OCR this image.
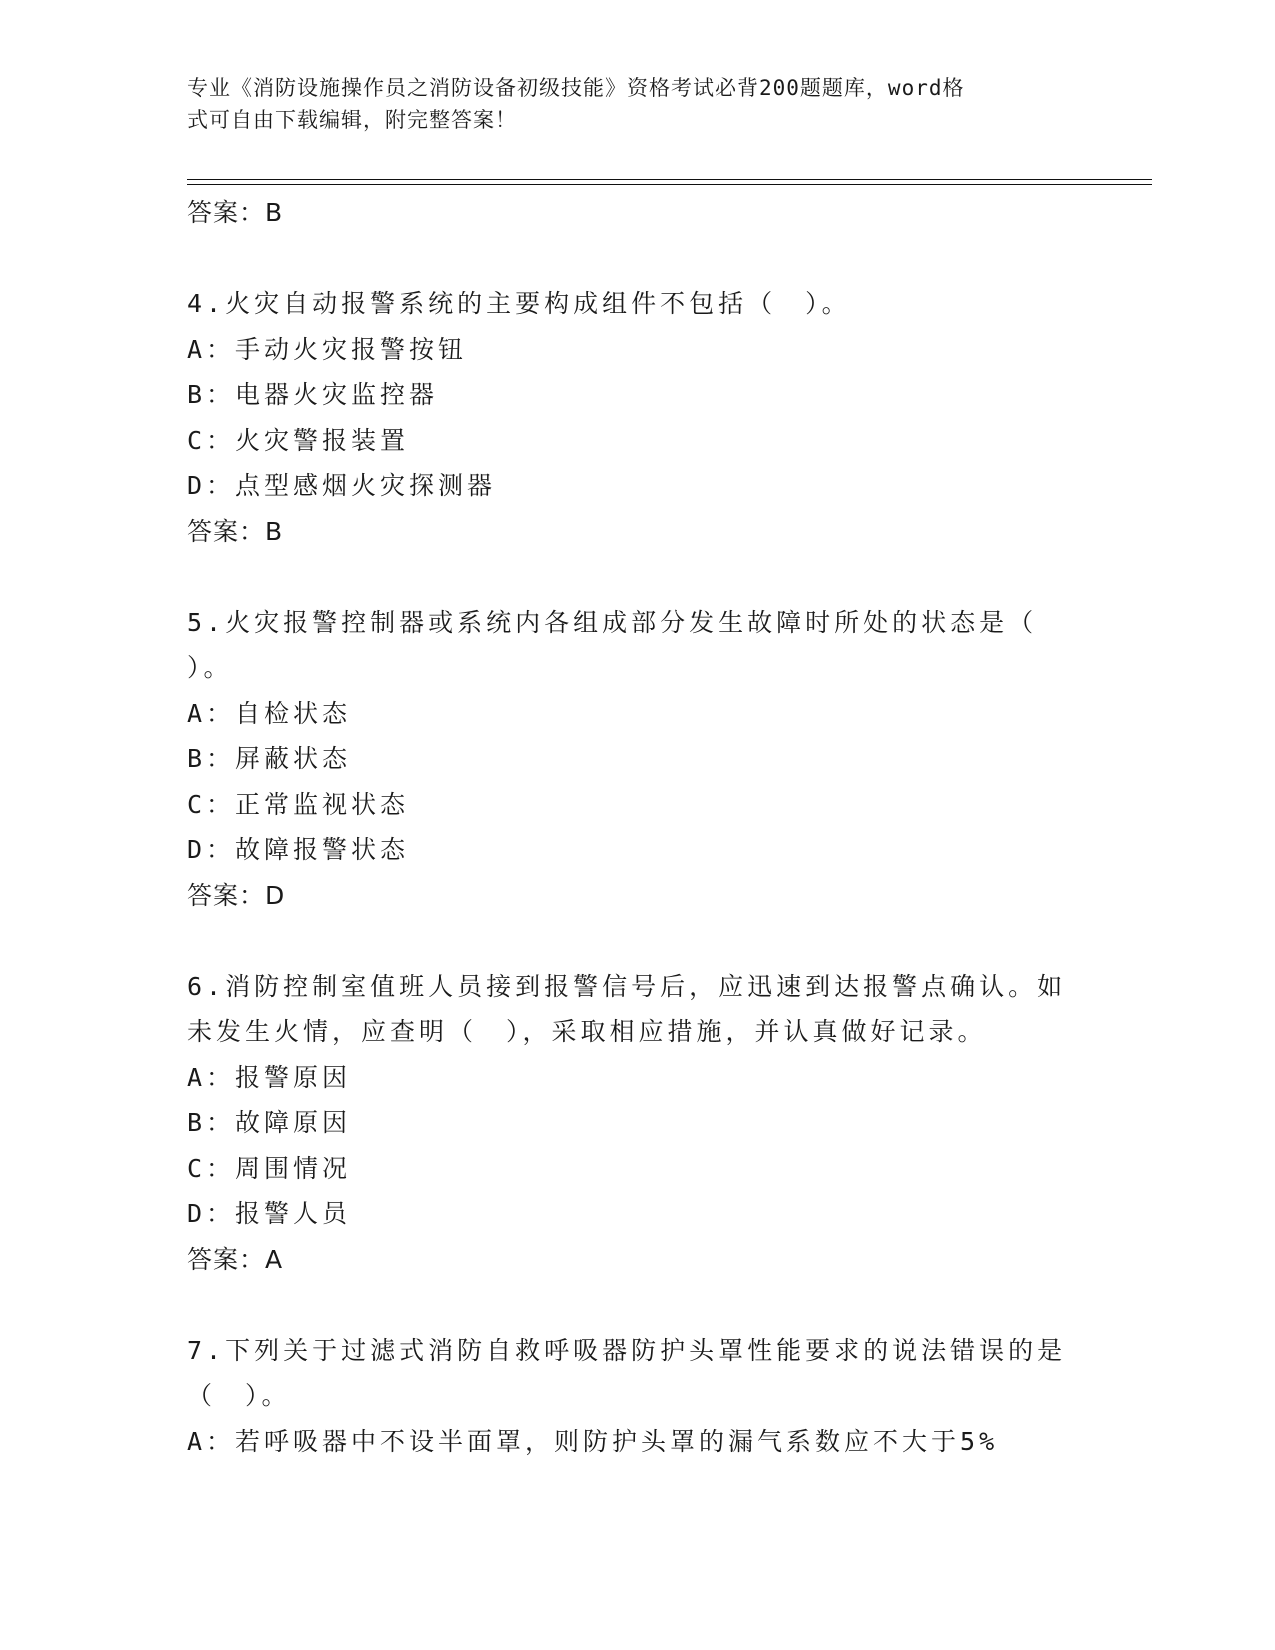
专业《消防设施操作员之消防设备初级技能》资格考试必背200题题库，word格
式可自由下载编辑，附完整答案！

答案：B

4.火灾自动报警系统的主要构成组件不包括（　）。

A：手动火灾报警按钮

B：电器火灾监控器

C：火灾警报装置

D：点型感烟火灾探测器

答案：B

5.火灾报警控制器或系统内各组成部分发生故障时所处的状态是（

）。

A：自检状态

B：屏蔽状态

C：正常监视状态

D：故障报警状态

答案：D

6.消防控制室值班人员接到报警信号后，应迅速到达报警点确认。如

未发生火情，应查明（　），采取相应措施，并认真做好记录。

A：报警原因

B：故障原因

C：周围情况

D：报警人员

答案：A

7.下列关于过滤式消防自救呼吸器防护头罩性能要求的说法错误的是

（　）。

A：若呼吸器中不设半面罩，则防护头罩的漏气系数应不大于5%
